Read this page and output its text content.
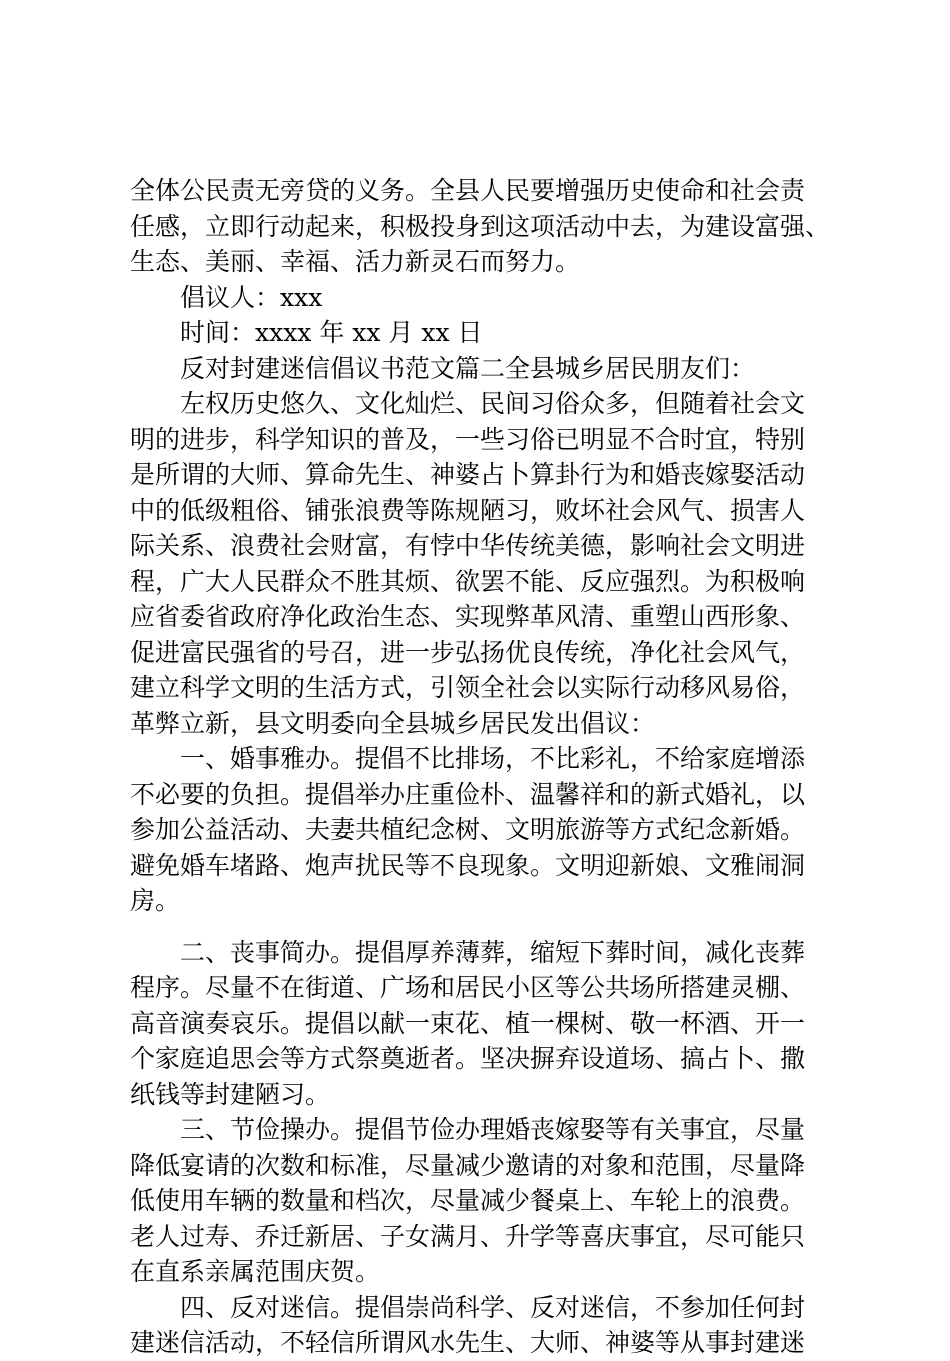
全体公民责无旁贷的义务。全县人民要增强历史使命和社会责
任感，立即行动起来，积极投身到这项活动中去，为建设富强、
生态、美丽、幸福、活力新灵石而努力。
　　倡议人：xxx
　　时间：xxxx 年 xx 月 xx 日
　　反对封建迷信倡议书范文篇二全县城乡居民朋友们：
　　左权历史悠久、文化灿烂、民间习俗众多，但随着社会文
明的进步，科学知识的普及，一些习俗已明显不合时宜，特别
是所谓的大师、算命先生、神婆占卜算卦行为和婚丧嫁娶活动
中的低级粗俗、铺张浪费等陈规陋习，败坏社会风气、损害人
际关系、浪费社会财富，有悖中华传统美德，影响社会文明进
程，广大人民群众不胜其烦、欲罢不能、反应强烈。为积极响
应省委省政府净化政治生态、实现弊革风清、重塑山西形象、
促进富民强省的号召，进一步弘扬优良传统，净化社会风气，
建立科学文明的生活方式，引领全社会以实际行动移风易俗，
革弊立新，县文明委向全县城乡居民发出倡议：
　　一、婚事雅办。提倡不比排场，不比彩礼，不给家庭增添
不必要的负担。提倡举办庄重俭朴、温馨祥和的新式婚礼，以
参加公益活动、夫妻共植纪念树、文明旅游等方式纪念新婚。
避免婚车堵路、炮声扰民等不良现象。文明迎新娘、文雅闹洞
房。
　　二、丧事简办。提倡厚养薄葬，缩短下葬时间，减化丧葬
程序。尽量不在街道、广场和居民小区等公共场所搭建灵棚、
高音演奏哀乐。提倡以献一束花、植一棵树、敬一杯酒、开一
个家庭追思会等方式祭奠逝者。坚决摒弃设道场、搞占卜、撒
纸钱等封建陋习。
　　三、节俭操办。提倡节俭办理婚丧嫁娶等有关事宜，尽量
降低宴请的次数和标准，尽量减少邀请的对象和范围，尽量降
低使用车辆的数量和档次，尽量减少餐桌上、车轮上的浪费。
老人过寿、乔迁新居、子女满月、升学等喜庆事宜，尽可能只
在直系亲属范围庆贺。
　　四、反对迷信。提倡崇尚科学、反对迷信，不参加任何封
建迷信活动，不轻信所谓风水先生、大师、神婆等从事封建迷
